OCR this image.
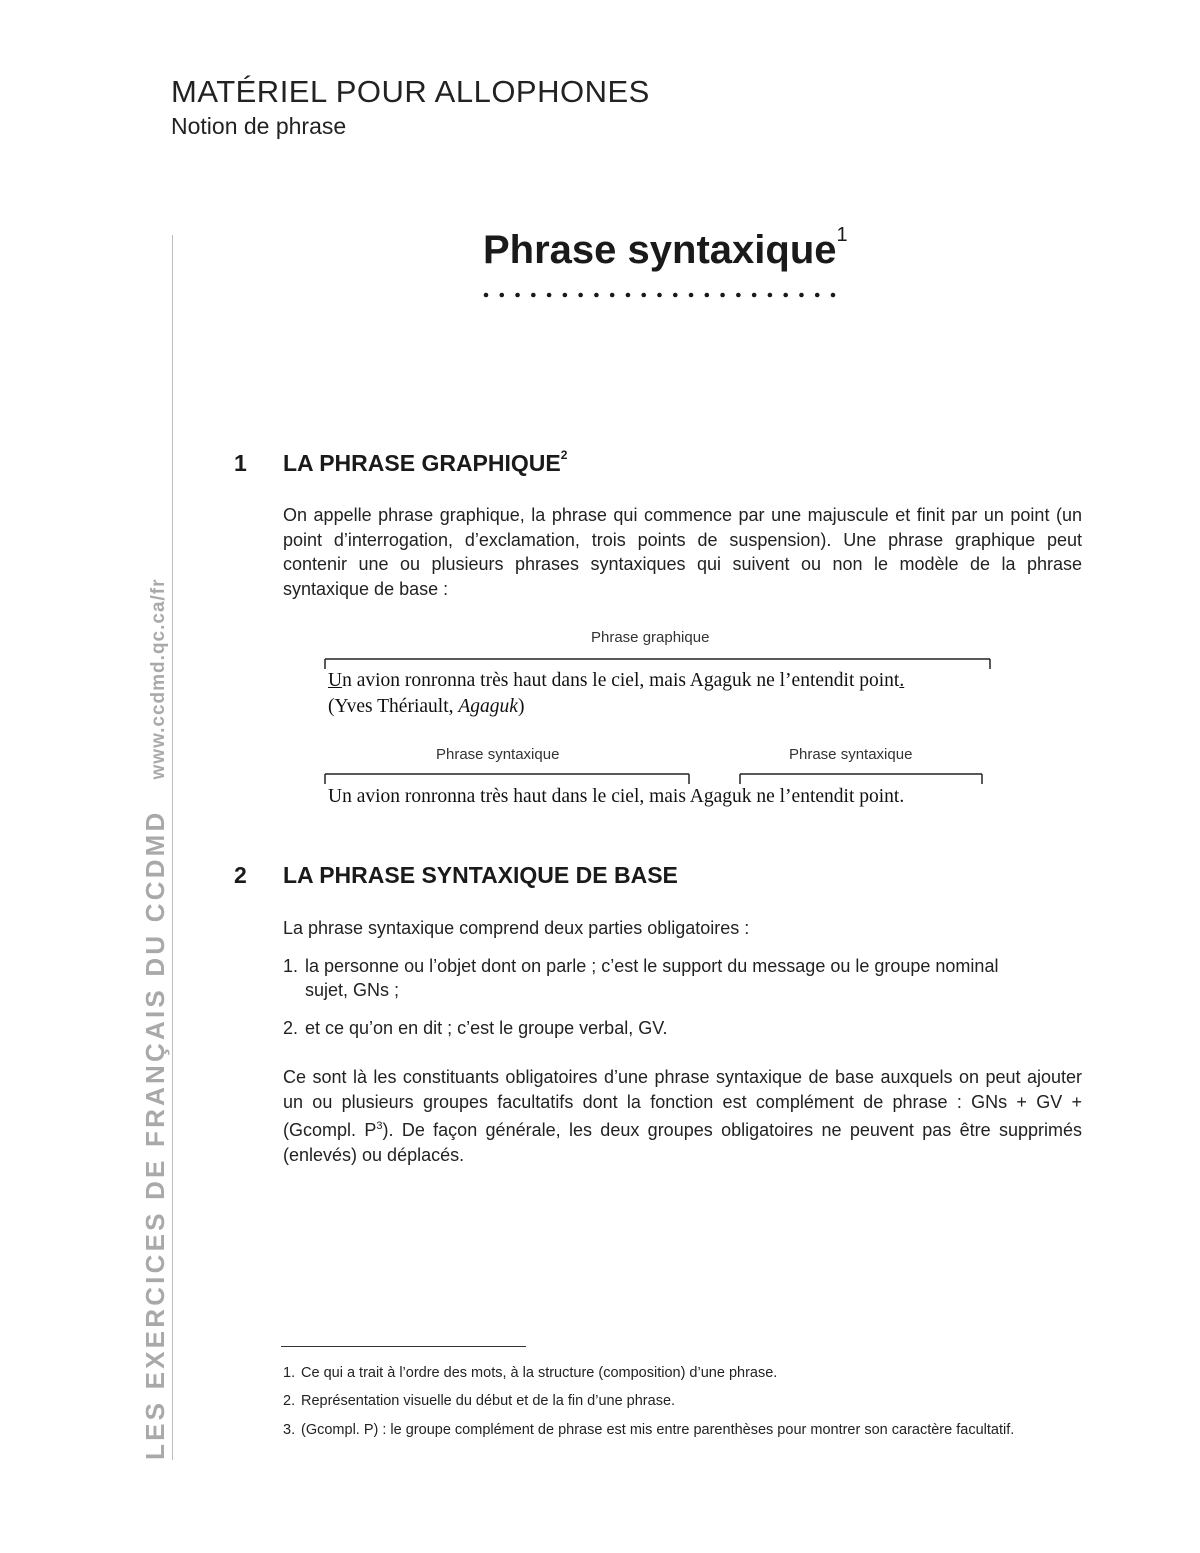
MATÉRIEL POUR ALLOPHONES
Notion de phrase
LES EXERCICES DE FRANÇAIS DU CCDMD
www.ccdmd.qc.ca/fr
Phrase syntaxique$^1$
1 LA PHRASE GRAPHIQUE$^2$

On appelle phrase graphique, la phrase qui commence par une majuscule et finit par un point (un point d’interrogation, d’exclamation, trois points de suspension). Une phrase graphique peut contenir une ou plusieurs phrases syntaxiques qui suivent ou non le modèle de la phrase syntaxique de base :

Phrase graphique
Un avion ronronna très haut dans le ciel, mais Agaguk ne l’entendit point.
(Yves Thériault, Agaguk)
Phrase syntaxique	Phrase syntaxique
Un avion ronronna très haut dans le ciel, mais Agaguk ne l’entendit point.
2 LA PHRASE SYNTAXIQUE DE BASE
La phrase syntaxique comprend deux parties obligatoires :
1. la personne ou l’objet dont on parle ; c’est le support du message ou le groupe nominal
sujet, GNs ;
2. et ce qu’on en dit ; c’est le groupe verbal, GV.

Ce sont là les constituants obligatoires d’une phrase syntaxique de base auxquels on peut ajouter un ou plusieurs groupes facultatifs dont la fonction est complément de phrase : GNs + GV + (Gcompl. $P^3$). De façon générale, les deux groupes obligatoires ne peuvent pas être supprimés (enlevés) ou déplacés.

1. Ce qui a trait à l’ordre des mots, à la structure (composition) d’une phrase.
2. Représentation visuelle du début et de la fin d’une phrase.
3. (Gcompl. P) : le groupe complément de phrase est mis entre parenthèses pour montrer son caractère facultatif.
